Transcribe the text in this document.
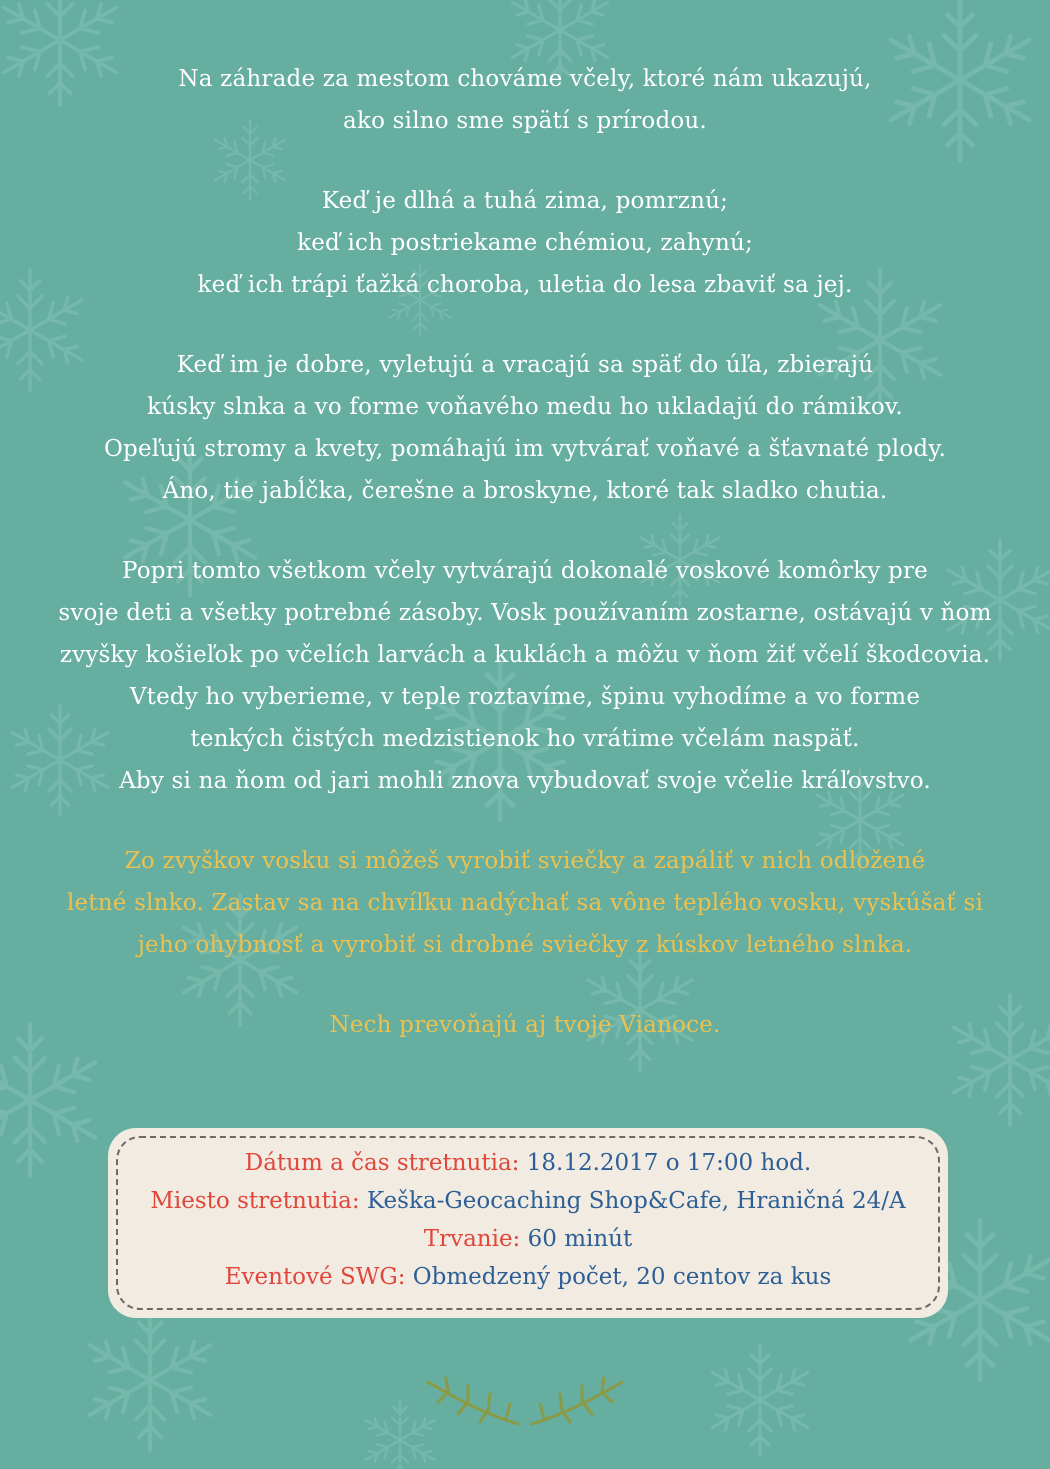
Na záhrade za mestom chováme včely, ktoré nám ukazujú,
ako silno sme spätí s prírodou.
Keď je dlhá a tuhá zima, pomrznú;
keď ich postriekame chémiou, zahynú;
keď ich trápi ťažká choroba, uletia do lesa zbaviť sa jej.
Keď im je dobre, vyletujú a vracajú sa späť do úľa, zbierajú
kúsky slnka a vo forme voňavého medu ho ukladajú do rámikov.
Opeľujú stromy a kvety, pomáhajú im vytvárať voňavé a šťavnaté plody.
Áno, tie jabĺčka, čerešne a broskyne, ktoré tak sladko chutia.
Popri tomto všetkom včely vytvárajú dokonalé voskové komôrky pre
svoje deti a všetky potrebné zásoby. Vosk používaním zostarne, ostávajú v ňom
zvyšky košieľok po včelích larvách a kuklách a môžu v ňom žiť včelí škodcovia.
Vtedy ho vyberieme, v teple roztavíme, špinu vyhodíme a vo forme
tenkých čistých medzistienok ho vrátime včelám naspäť.
Aby si na ňom od jari mohli znova vybudovať svoje včelie kráľovstvo.
Zo zvyškov vosku si môžeš vyrobiť sviečky a zapáliť v nich odložené
letné slnko. Zastav sa na chvíľku nadýchať sa vône teplého vosku, vyskúšať si
jeho ohybnosť a vyrobiť si drobné sviečky z kúskov letného slnka.
Nech prevoňajú aj tvoje Vianoce.
Dátum a čas stretnutia: 18.12.2017 o 17:00 hod.
Miesto stretnutia: Keška-Geocaching Shop&Cafe, Hraničná 24/A
Trvanie: 60 minút
Eventové SWG: Obmedzený počet, 20 centov za kus
